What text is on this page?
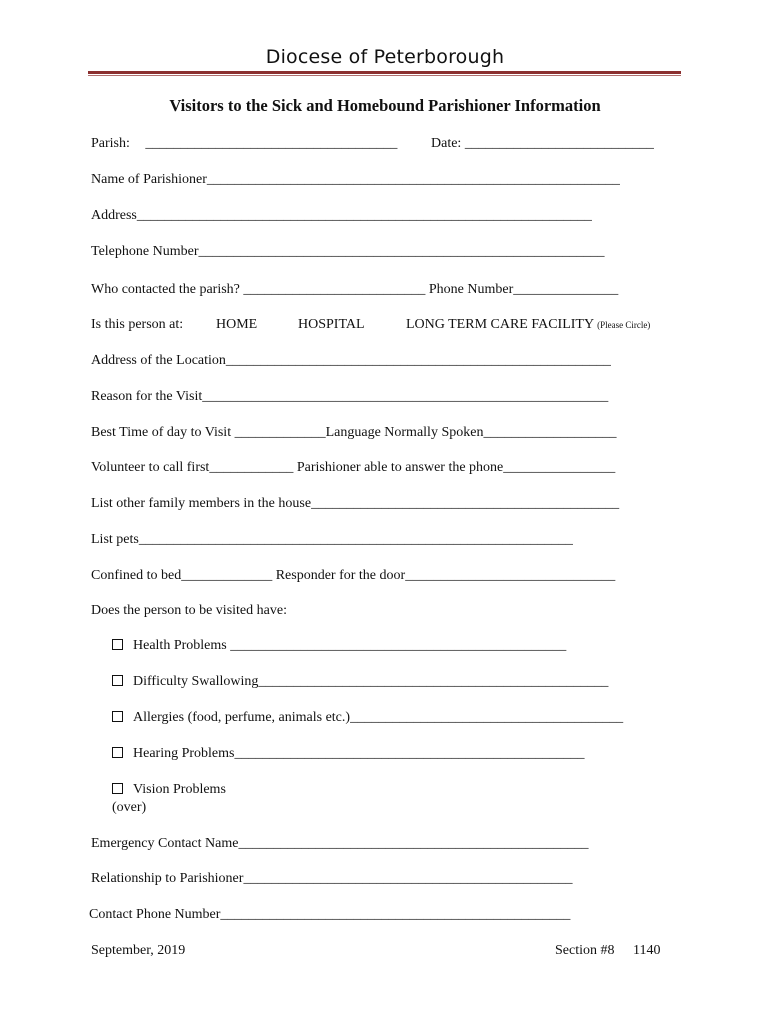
Diocese of Peterborough
Visitors to the Sick and Homebound Parishioner Information
Parish: ____________________________________ Date: ___________________________
Name of Parishioner___________________________________________________________
Address_________________________________________________________________
Telephone Number__________________________________________________________
Who contacted the parish? __________________________ Phone Number_______________
Is this person at: HOME	HOSPITAL	LONG TERM CARE FACILITY (Please Circle)
Address of the Location_______________________________________________________
Reason for the Visit__________________________________________________________
Best Time of day to Visit _____________Language Normally Spoken___________________
Volunteer to call first____________ Parishioner able to answer the phone________________
List other family members in the house____________________________________________
List pets______________________________________________________________
Confined to bed_____________ Responder for the door______________________________
Does the person to be visited have:
Health Problems ________________________________________________
Difficulty Swallowing__________________________________________________
Allergies (food, perfume, animals etc.)_______________________________________
Hearing Problems__________________________________________________
Vision Problems
(over)
Emergency Contact Name__________________________________________________
Relationship to Parishioner_______________________________________________
Contact Phone Number__________________________________________________
September, 2019	Section #8 1140
